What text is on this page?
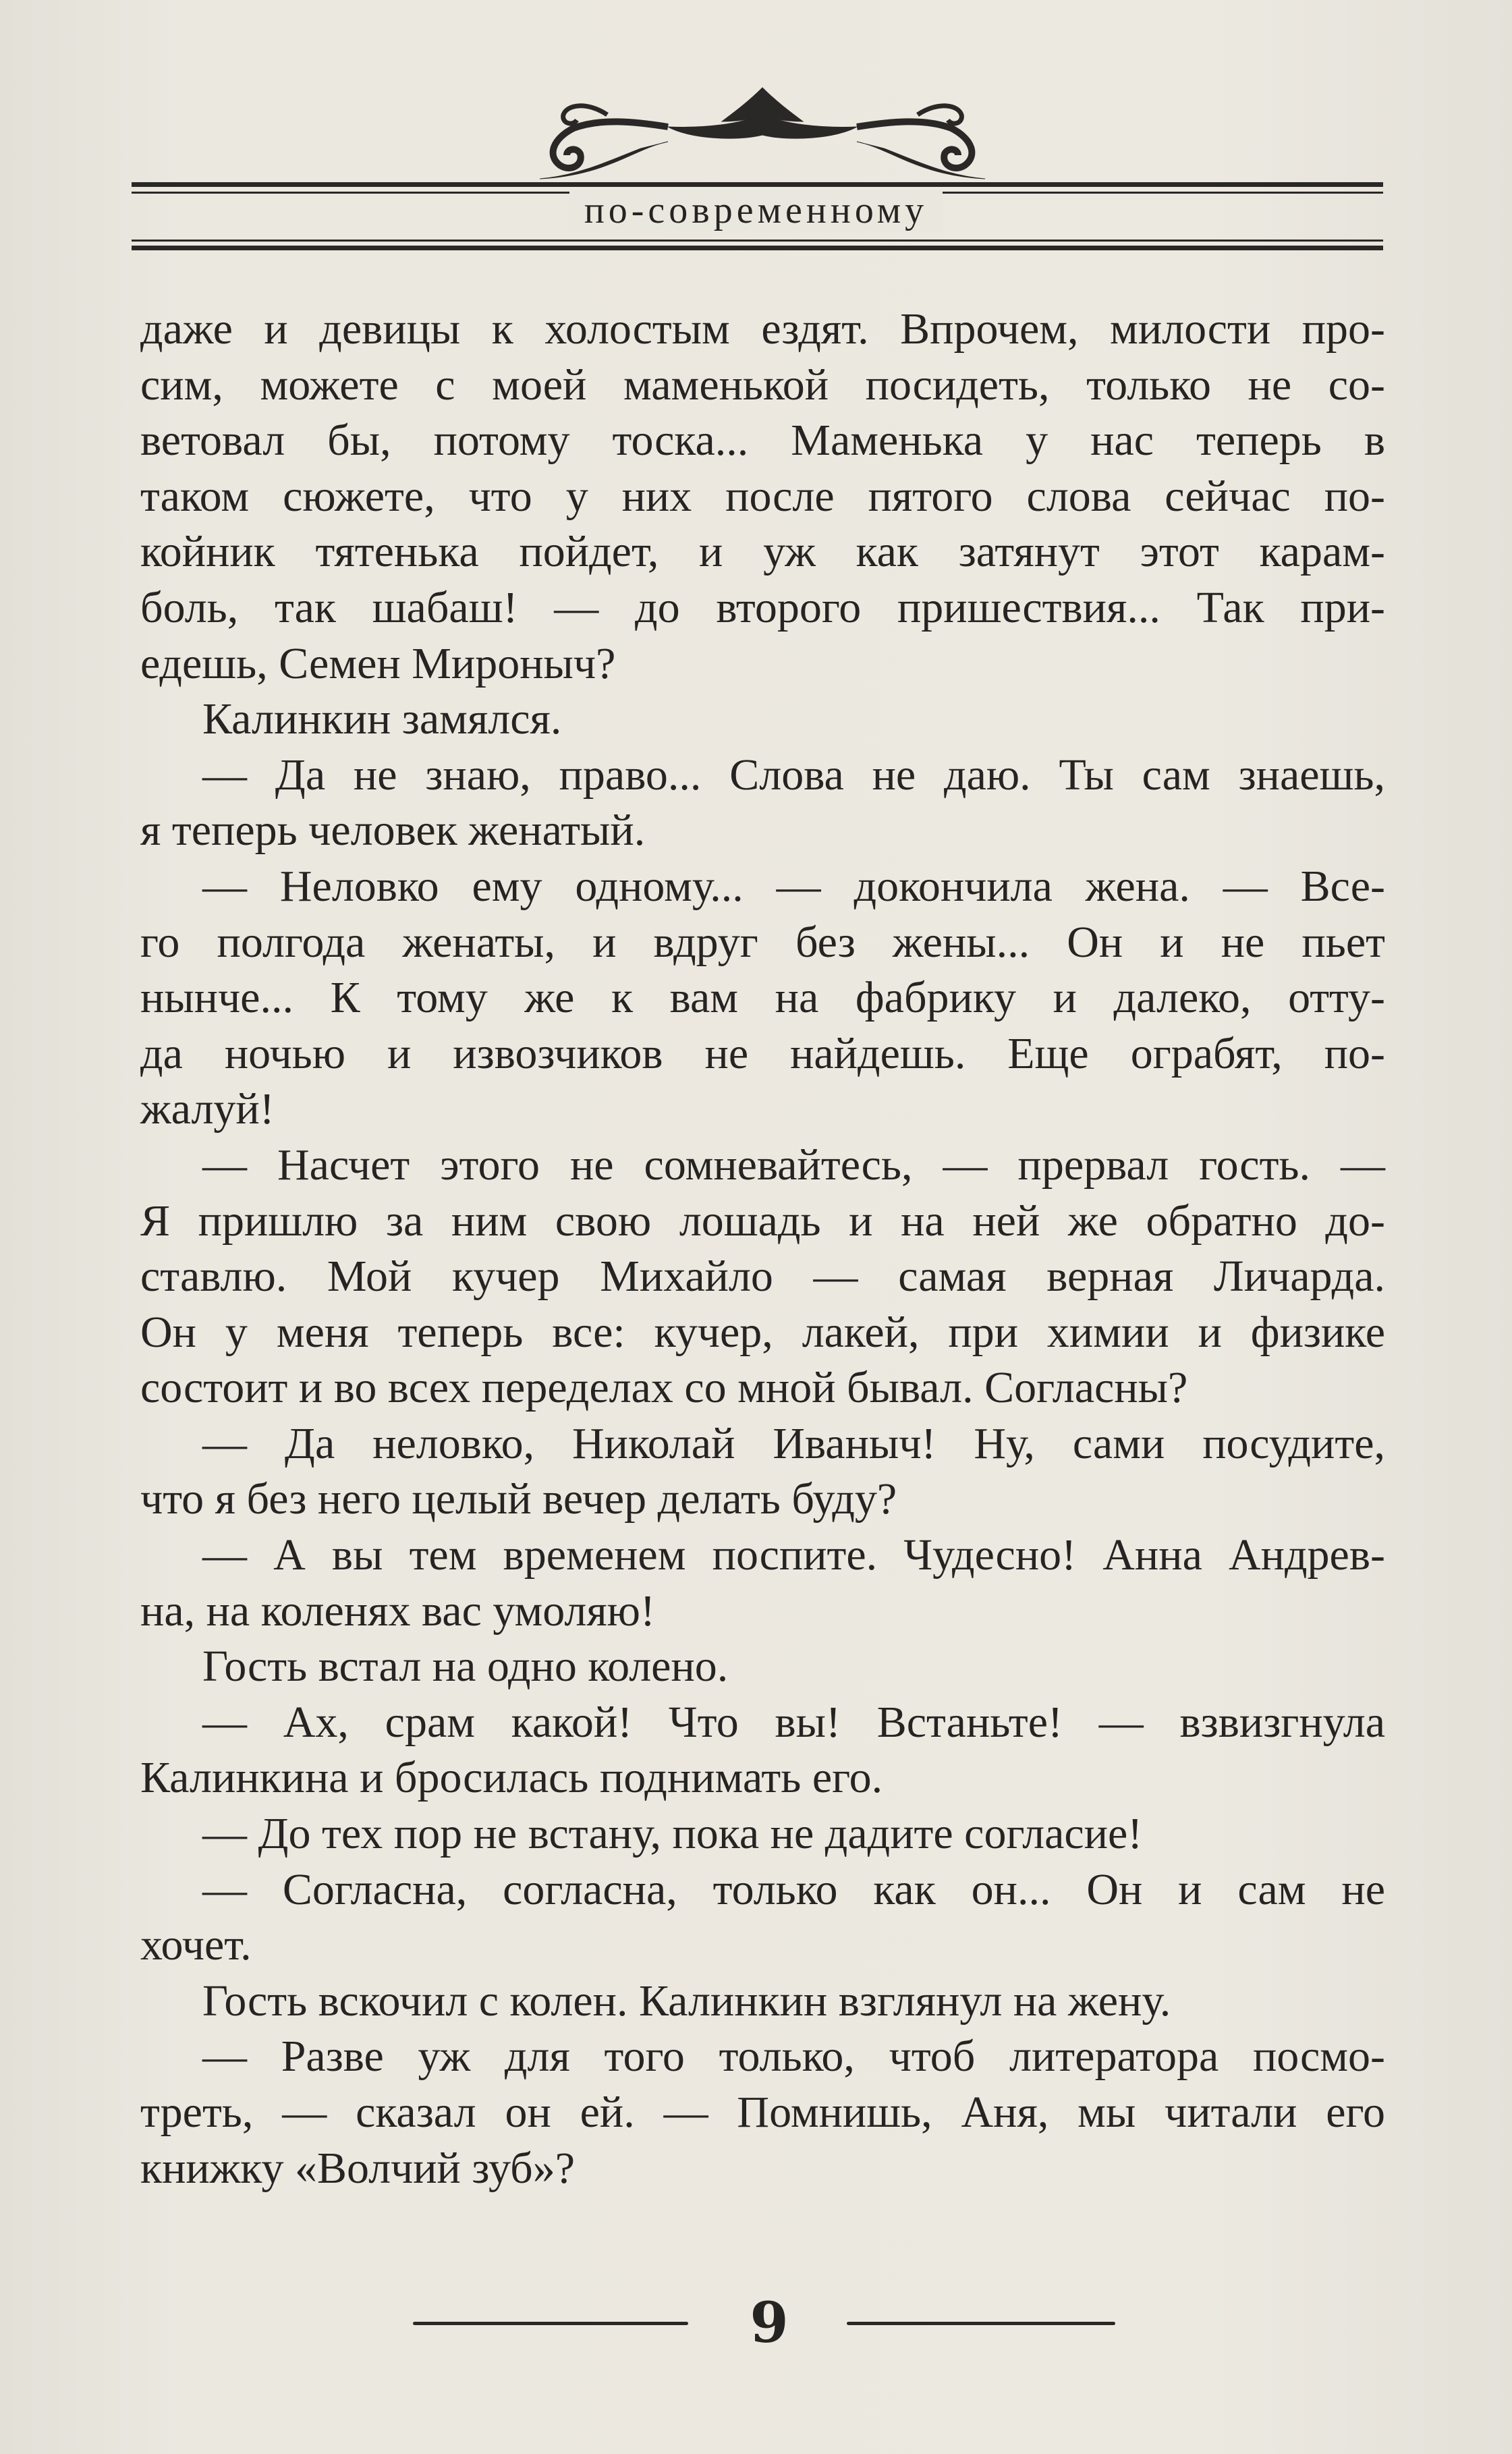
по-современному
даже и девицы к холостым ездят. Впрочем, милости про-
сим, можете с моей маменькой посидеть, только не со-
ветовал бы, потому тоска... Маменька у нас теперь в
таком сюжете, что у них после пятого слова сейчас по-
койник тятенька пойдет, и уж как затянут этот карам-
боль, так шабаш! — до второго пришествия... Так при-
едешь, Семен Мироныч?
Калинкин замялся.
— Да не знаю, право... Слова не даю. Ты сам знаешь,
я теперь человек женатый.
— Неловко ему одному... — докончила жена. — Все-
го полгода женаты, и вдруг без жены... Он и не пьет
нынче... К тому же к вам на фабрику и далеко, отту-
да ночью и извозчиков не найдешь. Еще ограбят, по-
жалуй!
— Насчет этого не сомневайтесь, — прервал гость. —
Я пришлю за ним свою лошадь и на ней же обратно до-
ставлю. Мой кучер Михайло — самая верная Личарда.
Он у меня теперь все: кучер, лакей, при химии и физике
состоит и во всех переделах со мной бывал. Согласны?
— Да неловко, Николай Иваныч! Ну, сами посудите,
что я без него целый вечер делать буду?
— А вы тем временем поспите. Чудесно! Анна Андрев-
на, на коленях вас умоляю!
Гость встал на одно колено.
— Ах, срам какой! Что вы! Встаньте! — взвизгнула
Калинкина и бросилась поднимать его.
— До тех пор не встану, пока не дадите согласие!
— Согласна, согласна, только как он... Он и сам не
хочет.
Гость вскочил с колен. Калинкин взглянул на жену.
— Разве уж для того только, чтоб литератора посмо-
треть, — сказал он ей. — Помнишь, Аня, мы читали его
книжку «Волчий зуб»?
9
